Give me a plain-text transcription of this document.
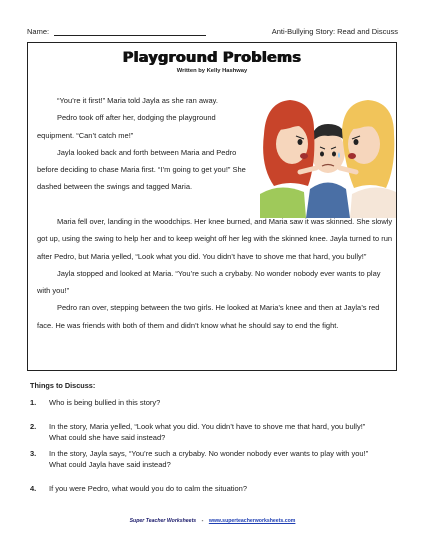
Name:	Anti-Bullying Story: Read and Discuss
Playground Problems
Written by Kelly Hashway

“You’re it first!” Maria told Jayla as she ran away.
Pedro took off after her, dodging the playground equipment. “Can’t catch me!”
Jayla looked back and forth between Maria and Pedro before deciding to chase Maria first. “I’m going to get you!” She dashed between the swings and tagged Maria.

Maria fell over, landing in the woodchips. Her knee burned, and Maria saw it was skinned. She slowly got up, using the swing to help her and to keep weight off her leg with the skinned knee. Jayla turned to run after Pedro, but Maria yelled, “Look what you did. You didn’t have to shove me that hard, you bully!”
Jayla stopped and looked at Maria. “You’re such a crybaby. No wonder nobody ever wants to play with you!”
Pedro ran over, stepping between the two girls. He looked at Maria’s knee and then at Jayla’s red face. He was friends with both of them and didn’t know what he should say to end the fight.

Things to Discuss:
1.	Who is being bullied in this story?
2.	In the story, Maria yelled, “Look what you did. You didn’t have to shove me that hard, you bully!” What could she have said instead?
3.	In the story, Jayla says, “You’re such a crybaby. No wonder nobody ever wants to play with you!” What could Jayla have said instead?
4.	If you were Pedro, what would you do to calm the situation?
Super Teacher Worksheets - www.superteacherworksheets.com
